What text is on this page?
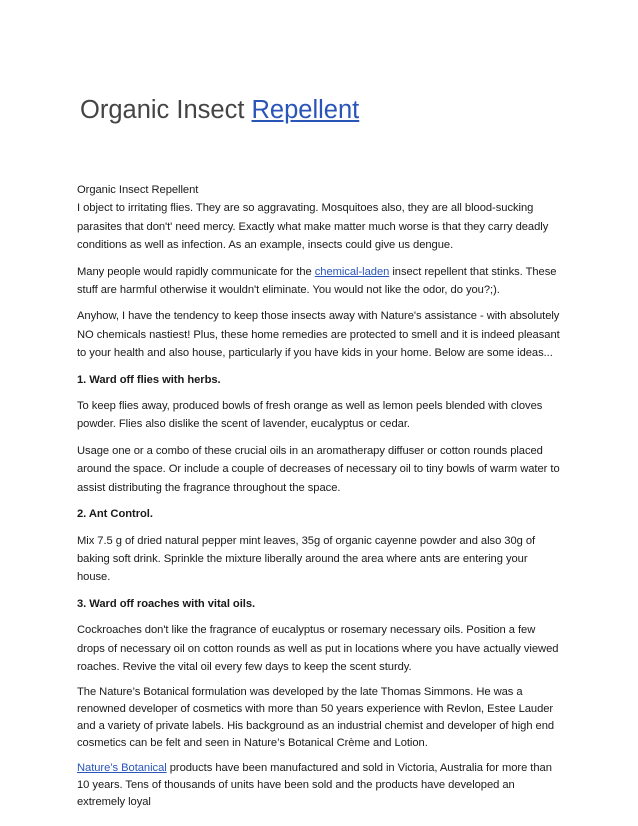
Organic Insect Repellent

Organic Insect Repellent
I object to irritating flies. They are so aggravating. Mosquitoes also, they are all blood-sucking parasites that don't' need mercy. Exactly what make matter much worse is that they carry deadly conditions as well as infection. As an example, insects could give us dengue.

Many people would rapidly communicate for the chemical-laden insect repellent that stinks. These stuff are harmful otherwise it wouldn't eliminate. You would not like the odor, do you?;).

Anyhow, I have the tendency to keep those insects away with Nature's assistance - with absolutely NO chemicals nastiest! Plus, these home remedies are protected to smell and it is indeed pleasant to your health and also house, particularly if you have kids in your home. Below are some ideas...

1. Ward off flies with herbs.

To keep flies away, produced bowls of fresh orange as well as lemon peels blended with cloves powder. Flies also dislike the scent of lavender, eucalyptus or cedar.

Usage one or a combo of these crucial oils in an aromatherapy diffuser or cotton rounds placed around the space. Or include a couple of decreases of necessary oil to tiny bowls of warm water to assist distributing the fragrance throughout the space.

2. Ant Control.

Mix 7.5 g of dried natural pepper mint leaves, 35g of organic cayenne powder and also 30g of baking soft drink. Sprinkle the mixture liberally around the area where ants are entering your house.

3. Ward off roaches with vital oils.

Cockroaches don't like the fragrance of eucalyptus or rosemary necessary oils. Position a few drops of necessary oil on cotton rounds as well as put in locations where you have actually viewed roaches. Revive the vital oil every few days to keep the scent sturdy.

The Nature’s Botanical formulation was developed by the late Thomas Simmons. He was a renowned developer of cosmetics with more than 50 years experience with Revlon, Estee Lauder and a variety of private labels. His background as an industrial chemist and developer of high end cosmetics can be felt and seen in Nature’s Botanical Crème and Lotion.

Nature’s Botanical products have been manufactured and sold in Victoria, Australia for more than 10 years. Tens of thousands of units have been sold and the products have developed an extremely loyal
